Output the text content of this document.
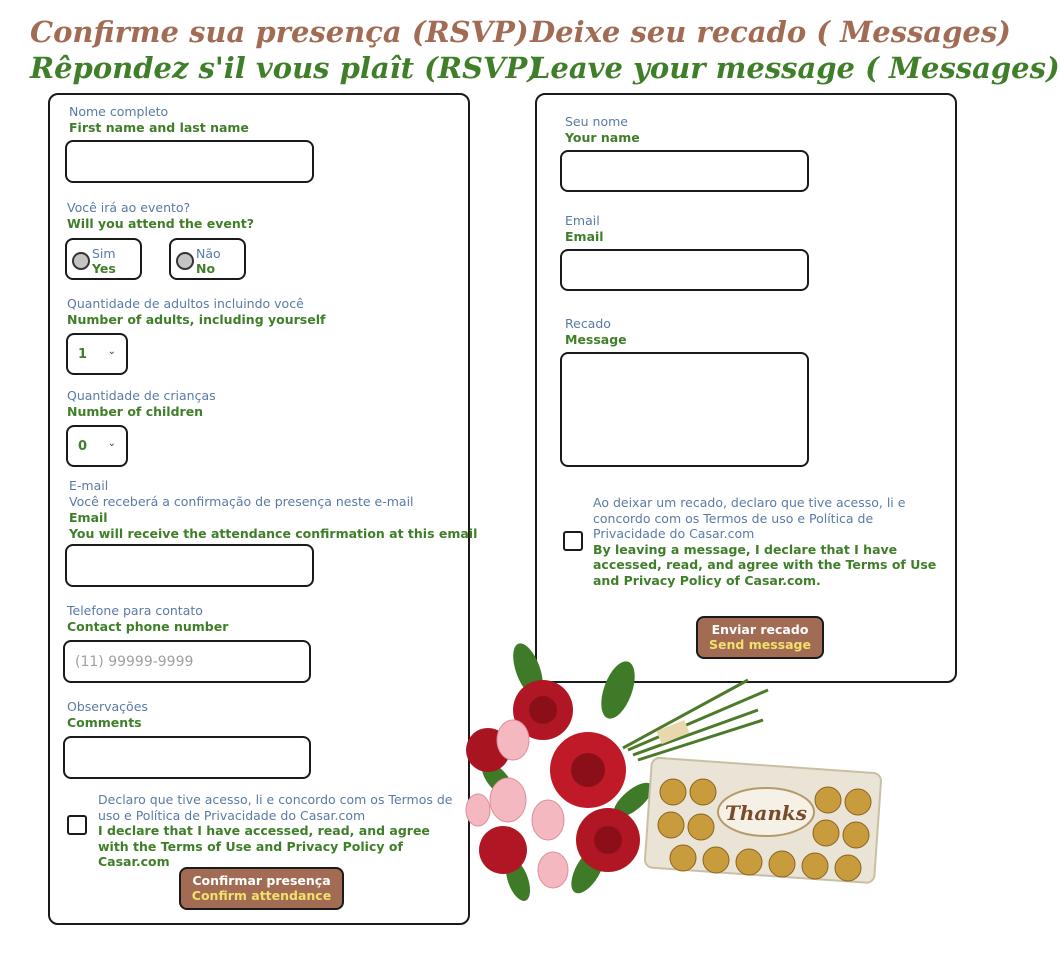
Confirme sua presença (RSVP)
Rêpondez s'il vous plaît (RSVP)
Deixe seu recado ( Messages)
Leave your message ( Messages)
Nome completo
First name and last name
Você irá ao evento?
Will you attend the event?
Sim
Yes
Não
No
Quantidade de adultos incluindo você
Number of adults, including yourself
1 ⌄
Quantidade de crianças
Number of children
0 ⌄
E-mail
Você receberá a confirmação de presença neste e-mail
Email
You will receive the attendance confirmation at this email
Telefone para contato
Contact phone number
(11) 99999-9999
Observações
Comments
Declaro que tive acesso, li e concordo com os Termos de uso e Política de Privacidade do Casar.com
I declare that I have accessed, read, and agree with the Terms of Use and Privacy Policy of Casar.com
Confirmar presença
Confirm attendance
Seu nome
Your name
Email
Email
Recado
Message
Ao deixar um recado, declaro que tive acesso, li e concordo com os Termos de uso e Política de Privacidade do Casar.com
By leaving a message, I declare that I have accessed, read, and agree with the Terms of Use and Privacy Policy of Casar.com.
Enviar recado
Send message
Thanks
